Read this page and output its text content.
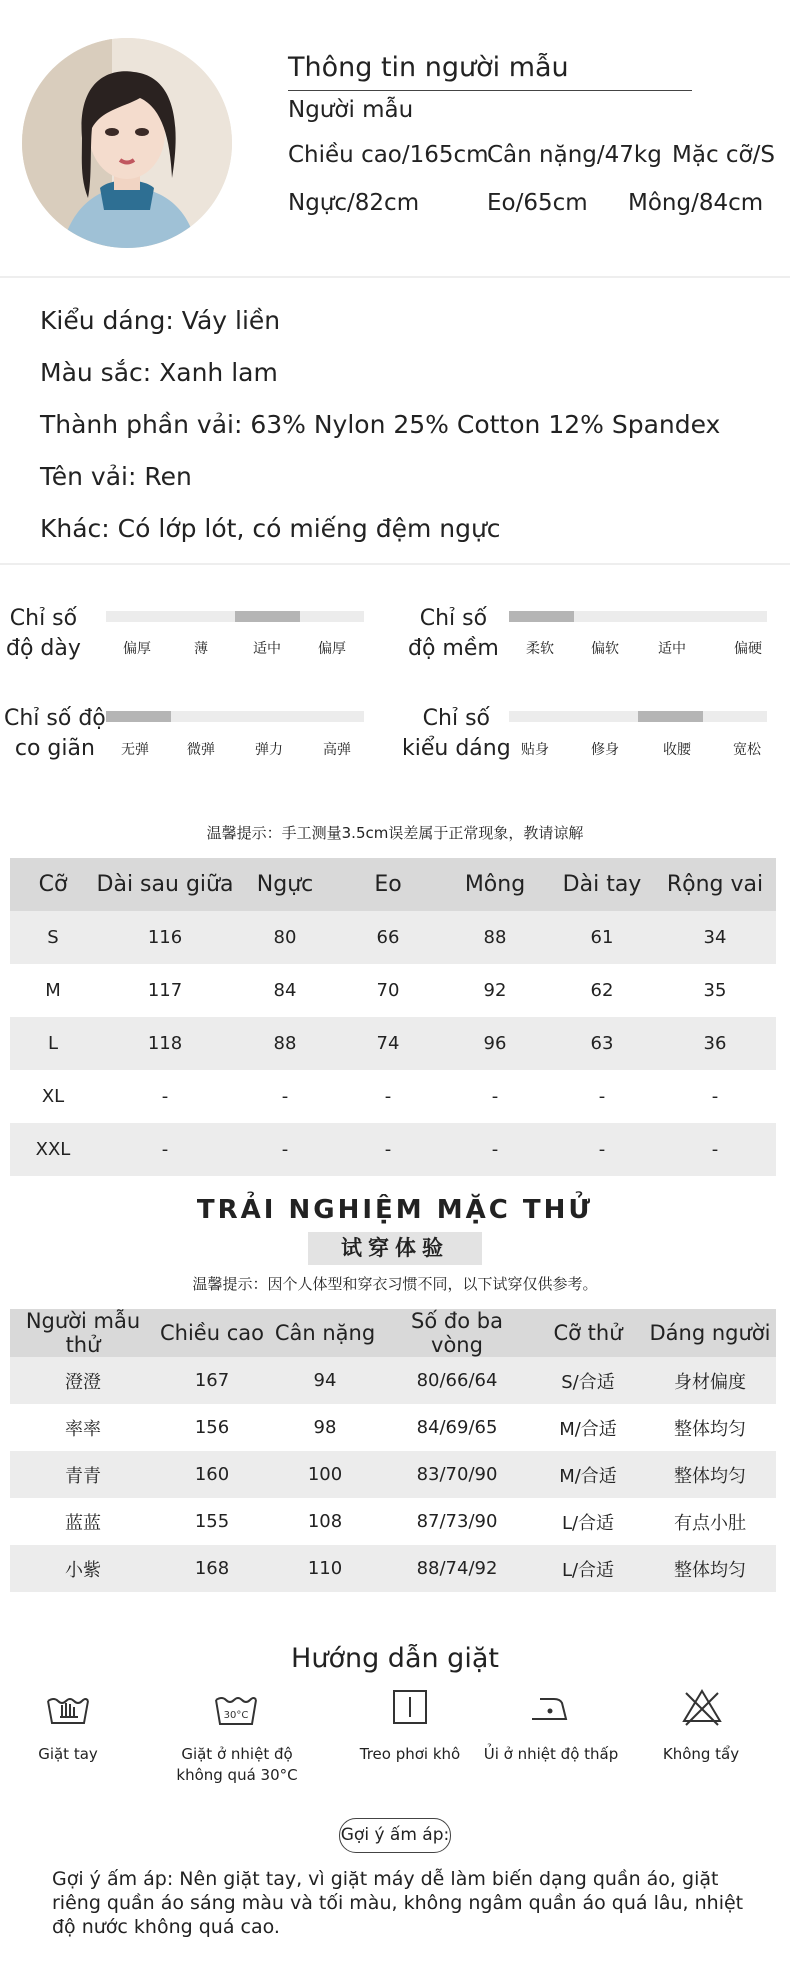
Thông tin người mẫu
Người mẫu
Chiều cao/165cm
Cân nặng/47kg Mặc cỡ/S
Ngực/82cm	Eo/65cm Mông/84cm
Kiểu dáng: Váy liền
Màu sắc: Xanh lam
Thành phần vải: 63% Nylon 25% Cotton 12% Spandex
Tên vải: Ren
Khác: Có lớp lót, có miếng đệm ngực
Chỉ số
độ dày	偏厚	薄	适中	偏厚
Chỉ số
độ mềm	柔软	偏软	适中	偏硬
Chỉ số độ
co giãn	无弹	微弹	弹力	高弹
Chỉ số
kiểu dáng 贴身	修身	收腰	宽松
温馨提示：手工测量3.5cm误差属于正常现象，教请谅解
Cỡ	Dài sau giữa	Ngực	Eo	Mông	Dài tay	Rộng vai
S	116	80	66	88	61	34
M	117	84	70	92	62	35
L	118	88	74	96	63	36
XL	-	-	-	-	-	-
XXL	-	-	-	-	-	-
TRẢI NGHIỆM MẶC THỬ
试穿体验
温馨提示：因个人体型和穿衣习惯不同，以下试穿仅供参考。
Người mẫu thử	Chiều cao	Cân nặng	Số đo ba vòng	Cỡ thử	Dáng người
澄澄	167	94	80/66/64	S/合适	身材偏度
率率	156	98	84/69/65	M/合适	整体均匀
青青	160	100	83/70/90	M/合适	整体均匀
蓝蓝	155	108	87/73/90	L/合适	有点小肚
小紫	168	110	88/74/92	L/合适	整体均匀
Hướng dẫn giặt
30°C
Giặt tay	Giặt ở nhiệt độ
không quá 30°C
Treo phơi khô	Ủi ở nhiệt độ thấp	Không tẩy
Gợi ý ấm áp:
Gợi ý ấm áp: Nên giặt tay, vì giặt máy dễ làm biến dạng quần áo, giặt riêng quần áo sáng màu và tối màu, không ngâm quần áo quá lâu, nhiệt độ nước không quá cao.
